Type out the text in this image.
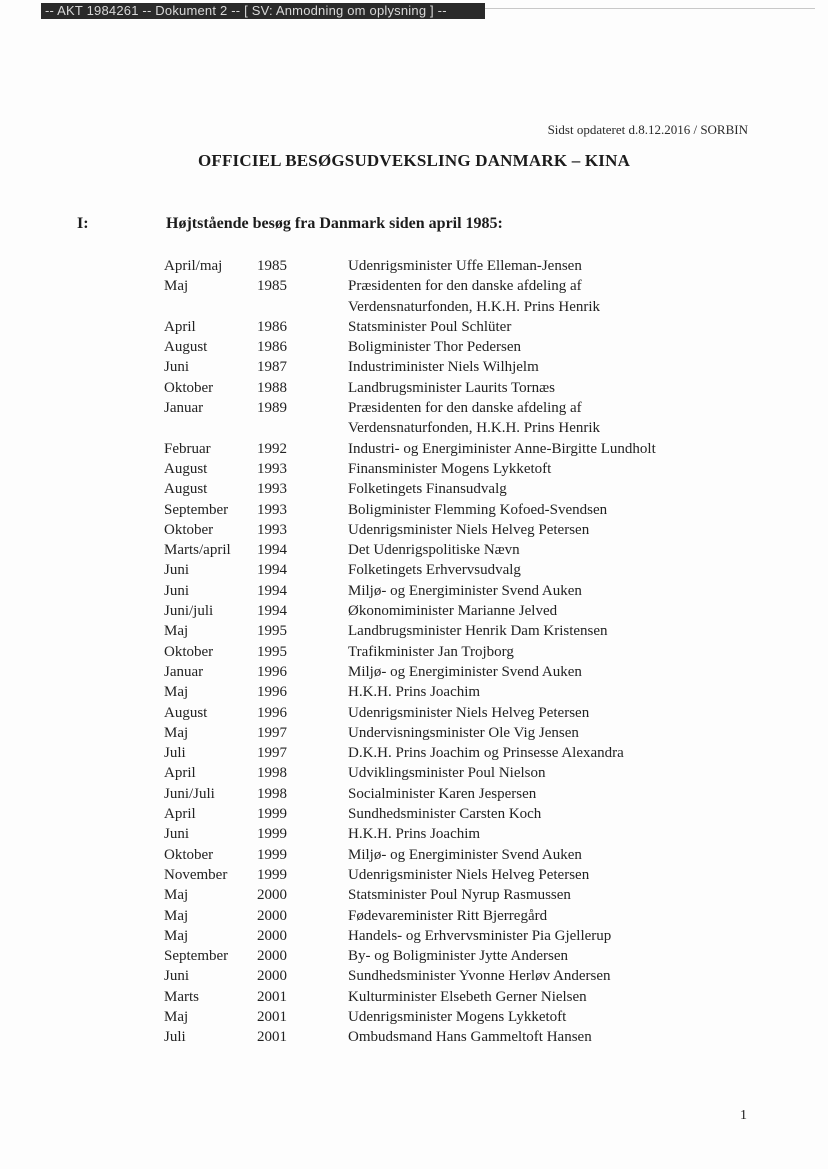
-- AKT 1984261 -- Dokument 2 -- [ SV: Anmodning om oplysning ] --
Sidst opdateret d.8.12.2016 / SORBIN
OFFICIEL BESØGSUDVEKSLING DANMARK – KINA
I:	Højtstående besøg fra Danmark siden april 1985:
April/maj	1985	Udenrigsminister Uffe Elleman-Jensen
Maj	1985	Præsidenten for den danske afdeling af
Verdensnaturfonden, H.K.H. Prins Henrik
April	1986	Statsminister Poul Schlüter
August	1986	Boligminister Thor Pedersen
Juni	1987	Industriminister Niels Wilhjelm
Oktober	1988	Landbrugsminister Laurits Tornæs
Januar	1989	Præsidenten for den danske afdeling af
Verdensnaturfonden, H.K.H. Prins Henrik
Februar	1992	Industri- og Energiminister Anne-Birgitte Lundholt
August	1993	Finansminister Mogens Lykketoft
August	1993	Folketingets Finansudvalg
September	1993	Boligminister Flemming Kofoed-Svendsen
Oktober	1993	Udenrigsminister Niels Helveg Petersen
Marts/april	1994	Det Udenrigspolitiske Nævn
Juni	1994	Folketingets Erhvervsudvalg
Juni	1994	Miljø- og Energiminister Svend Auken
Juni/juli	1994	Økonomiminister Marianne Jelved
Maj	1995	Landbrugsminister Henrik Dam Kristensen
Oktober	1995	Trafikminister Jan Trojborg
Januar	1996	Miljø- og Energiminister Svend Auken
Maj	1996	H.K.H. Prins Joachim
August	1996	Udenrigsminister Niels Helveg Petersen
Maj	1997	Undervisningsminister Ole Vig Jensen
Juli	1997	D.K.H. Prins Joachim og Prinsesse Alexandra
April	1998	Udviklingsminister Poul Nielson
Juni/Juli	1998	Socialminister Karen Jespersen
April	1999	Sundhedsminister Carsten Koch
Juni	1999	H.K.H. Prins Joachim
Oktober	1999	Miljø- og Energiminister Svend Auken
November	1999	Udenrigsminister Niels Helveg Petersen
Maj	2000	Statsminister Poul Nyrup Rasmussen
Maj	2000	Fødevareminister Ritt Bjerregård
Maj	2000	Handels- og Erhvervsminister Pia Gjellerup
September	2000	By- og Boligminister Jytte Andersen
Juni	2000	Sundhedsminister Yvonne Herløv Andersen
Marts	2001	Kulturminister Elsebeth Gerner Nielsen
Maj	2001	Udenrigsminister Mogens Lykketoft
Juli	2001	Ombudsmand Hans Gammeltoft Hansen
1
